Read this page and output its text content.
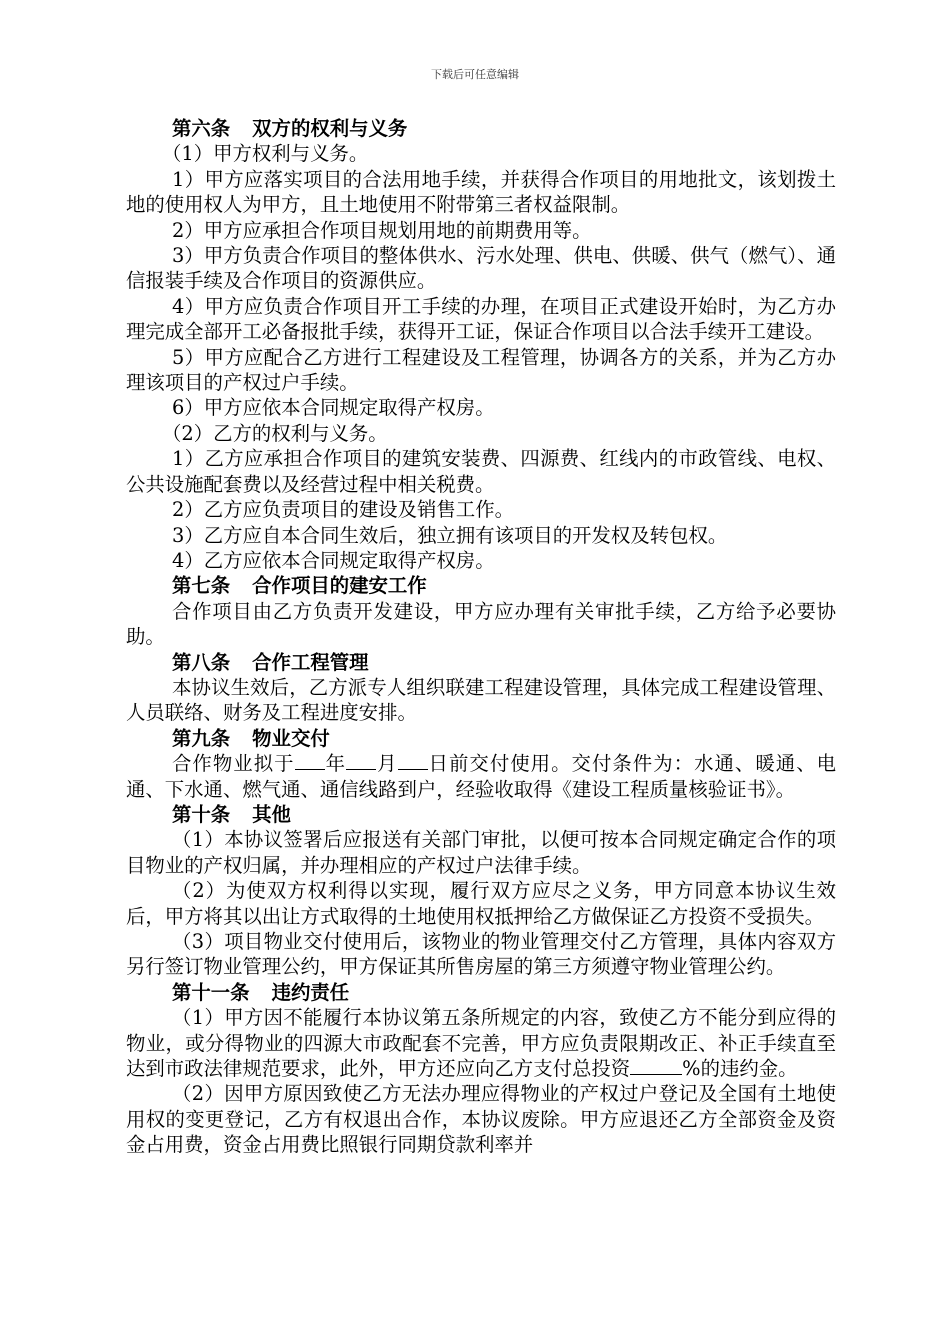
下载后可任意编辑

第六条 双方的权利与义务

（1）甲方权利与义务。

1）甲方应落实项目的合法用地手续，并获得合作项目的用地批文，该划拨土地的使用权人为甲方，且土地使用不附带第三者权益限制。

2）甲方应承担合作项目规划用地的前期费用等。

3）甲方负责合作项目的整体供水、污水处理、供电、供暖、供气（燃气）、通信报装手续及合作项目的资源供应。

4）甲方应负责合作项目开工手续的办理，在项目正式建设开始时，为乙方办理完成全部开工必备报批手续，获得开工证，保证合作项目以合法手续开工建设。

5）甲方应配合乙方进行工程建设及工程管理，协调各方的关系，并为乙方办理该项目的产权过户手续。

6）甲方应依本合同规定取得产权房。

（2）乙方的权利与义务。

1）乙方应承担合作项目的建筑安装费、四源费、红线内的市政管线、电权、公共设施配套费以及经营过程中相关税费。

2）乙方应负责项目的建设及销售工作。

3）乙方应自本合同生效后，独立拥有该项目的开发权及转包权。

4）乙方应依本合同规定取得产权房。

第七条 合作项目的建安工作

合作项目由乙方负责开发建设，甲方应办理有关审批手续，乙方给予必要协助。

第八条 合作工程管理

本协议生效后，乙方派专人组织联建工程建设管理，具体完成工程建设管理、人员联络、财务及工程进度安排。

第九条 物业交付

合作物业拟于 年 月 日前交付使用。交付条件为：水通、暖通、电通、下水通、燃气通、通信线路到户，经验收取得《建设工程质量核验证书》。

第十条 其他

（1）本协议签署后应报送有关部门审批，以便可按本合同规定确定合作的项目物业的产权归属，并办理相应的产权过户法律手续。

（2）为使双方权利得以实现，履行双方应尽之义务，甲方同意本协议生效后，甲方将其以出让方式取得的土地使用权抵押给乙方做保证乙方投资不受损失。

（3）项目物业交付使用后，该物业的物业管理交付乙方管理，具体内容双方另行签订物业管理公约，甲方保证其所售房屋的第三方须遵守物业管理公约。

第十一条 违约责任

（1）甲方因不能履行本协议第五条所规定的内容，致使乙方不能分到应得的物业，或分得物业的四源大市政配套不完善，甲方应负责限期改正、补正手续直至达到市政法律规范要求，此外，甲方还应向乙方支付总投资	%的违约金。

（2）因甲方原因致使乙方无法办理应得物业的产权过户登记及全国有土地使用权的变更登记，乙方有权退出合作，本协议废除。甲方应退还乙方全部资金及资金占用费，资金占用费比照银行同期贷款利率并
